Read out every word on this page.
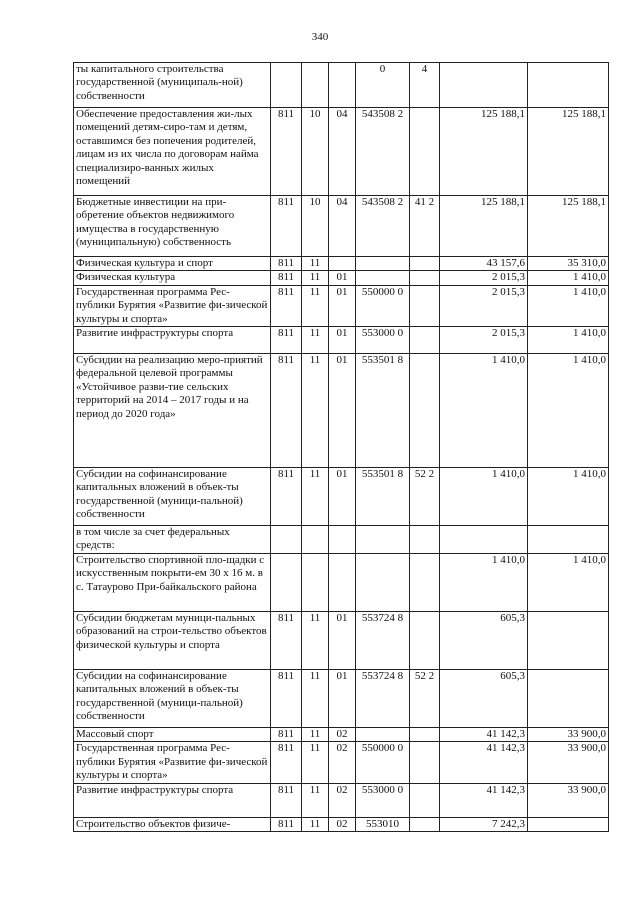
340
ты капитального строительства государственной (муниципаль-ной) собственности				0	4		
Обеспечение предоставления жи-лых помещений детям-сиро-там и детям, оставшимся без попечения родителей, лицам из их числа по договорам найма специализиро-ванных жилых помещений	811	10	04	543508 2		125 188,1	125 188,1
Бюджетные инвестиции на при-обретение объектов недвижимого имущества в государственную (муниципальную) собственность	811	10	04	543508 2	41 2	125 188,1	125 188,1
Физическая культура и спорт	811	11				43 157,6	35 310,0
Физическая культура	811	11	01			2 015,3	1 410,0
Государственная программа Рес-публики Бурятия «Развитие фи-зической культуры и спорта»	811	11	01	550000 0		2 015,3	1 410,0
Развитие инфраструктуры спорта	811	11	01	553000 0		2 015,3	1 410,0
Субсидии на реализацию меро-приятий федеральной целевой программы «Устойчивое разви-тие сельских территорий на 2014 – 2017 годы и на период до 2020 года»	811	11	01	553501 8		1 410,0	1 410,0
Субсидии на софинансирование капитальных вложений в объек-ты государственной (муници-пальной) собственности	811	11	01	553501 8	52 2	1 410,0	1 410,0
в том числе за счет федеральных средств:							
Строительство спортивной пло-щадки с искусственным покрыти-ем 30 х 16 м. в с. Татаурово При-байкальского района						1 410,0	1 410,0
Субсидии бюджетам муници-пальных образований на строи-тельство объектов физической культуры и спорта	811	11	01	553724 8		605,3	
Субсидии на софинансирование капитальных вложений в объек-ты государственной (муници-пальной) собственности	811	11	01	553724 8	52 2	605,3	
Массовый спорт	811	11	02			41 142,3	33 900,0
Государственная программа Рес-публики Бурятия «Развитие фи-зической культуры и спорта»	811	11	02	550000 0		41 142,3	33 900,0
Развитие инфраструктуры спорта	811	11	02	553000 0		41 142,3	33 900,0
Строительство объектов физиче-	811	11	02	553010		7 242,3	
